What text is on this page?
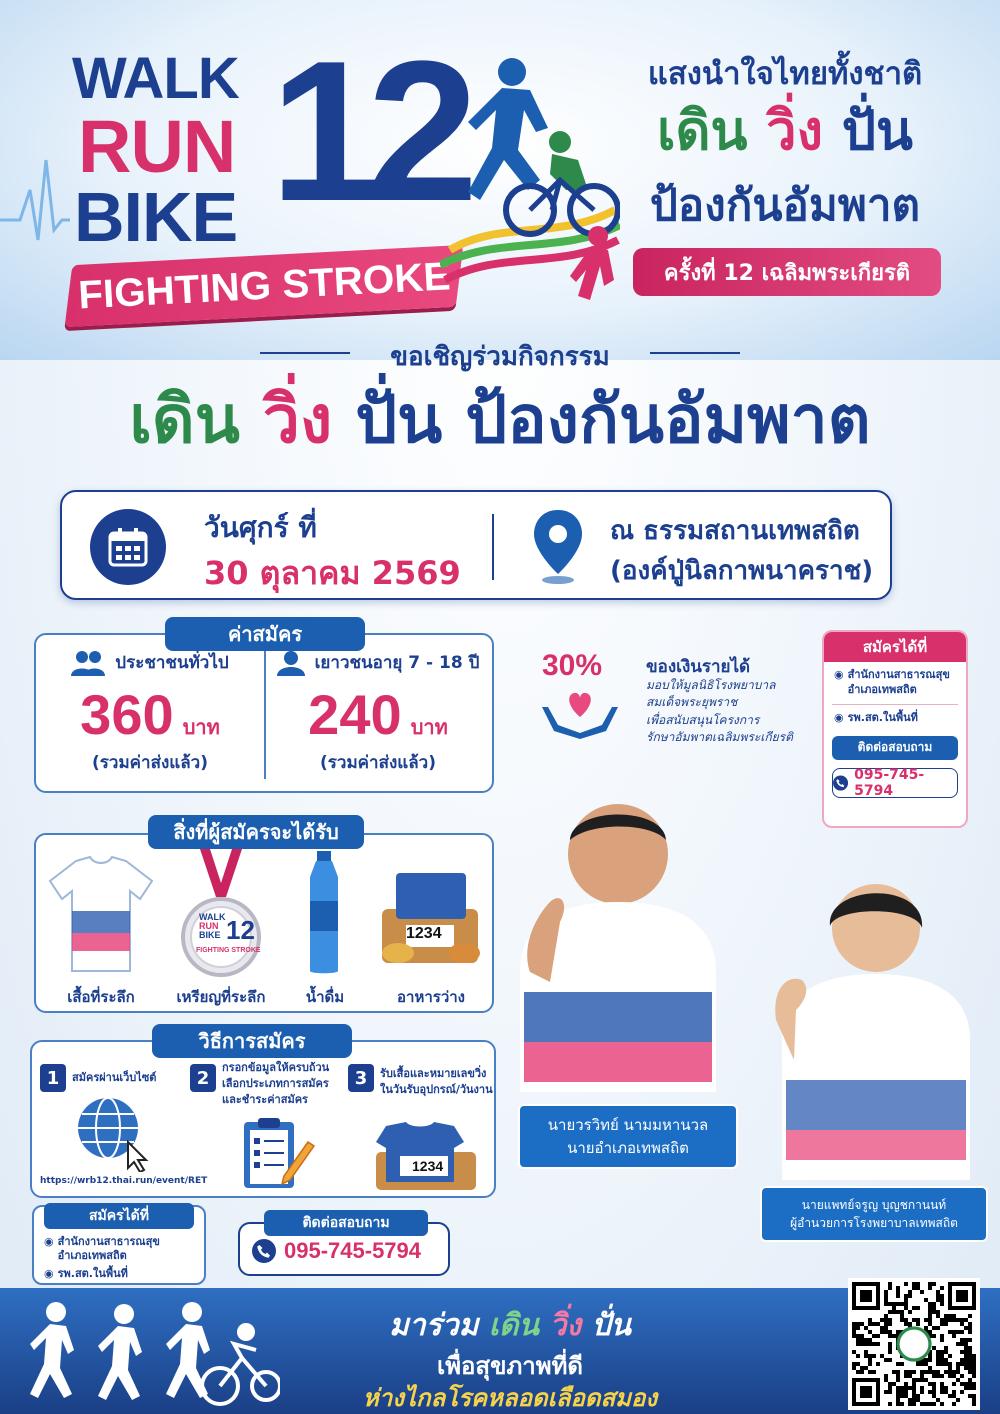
WALK
RUN
BIKE 12
FIGHTING STROKE
แสงนำใจไทยทั้งชาติ
เดิน วิ่ง ปั่น
ป้องกันอัมพาต
ครั้งที่ 12 เฉลิมพระเกียรติ
ขอเชิญร่วมกิจกรรม
เดิน วิ่ง ปั่น ป้องกันอัมพาต
วันศุกร์ ที่
30 ตุลาคม 2569
ณ ธรรมสถานเทพสถิต
(องค์ปู่นิลกาพนาคราช)
ประชาชนทั่วไป
360 บาท
(รวมค่าส่งแล้ว)
เยาวชนอายุ 7 - 18 ปี
240 บาท
(รวมค่าส่งแล้ว)
ค่าสมัคร
30%	ของเงินรายได้
มอบให้มูลนิธิโรงพยาบาล
สมเด็จพระยุพราช
เพื่อสนับสนุนโครงการ
รักษาอัมพาตเฉลิมพระเกียรติ
สมัครได้ที่
◉ สำนักงานสาธารณสุข อำเภอเทพสถิต
◉ รพ.สต.ในพื้นที่
ติดต่อสอบถาม
095-745-5794
เสื้อที่ระลึก
WALK
RUN
BIKE 12
FIGHTING STROKE
เหรียญที่ระลึก	น้ำดื่ม
1234
อาหารว่าง
สิ่งที่ผู้สมัครจะได้รับ
1	สมัครผ่านเว็บไซต์
https://wrb12.thai.run/event/RET
2	กรอกข้อมูลให้ครบถ้วน
เลือกประเภทการสมัคร
และชำระค่าสมัคร
3	รับเสื้อและหมายเลขวิ่ง
ในวันรับอุปกรณ์/วันงาน
1234
วิธีการสมัคร
สมัครได้ที่
◉ สำนักงานสาธารณสุข
อำเภอเทพสถิต
◉ รพ.สต.ในพื้นที่
ติดต่อสอบถาม
095-745-5794
นายวรวิทย์ นามมหานวล
นายอำเภอเทพสถิต
นายแพทย์จรูญ บุญชกานนท์
ผู้อำนวยการโรงพยาบาลเทพสถิต
มาร่วม เดิน วิ่ง ปั่น
เพื่อสุขภาพที่ดี
ห่างไกลโรคหลอดเลือดสมอง
